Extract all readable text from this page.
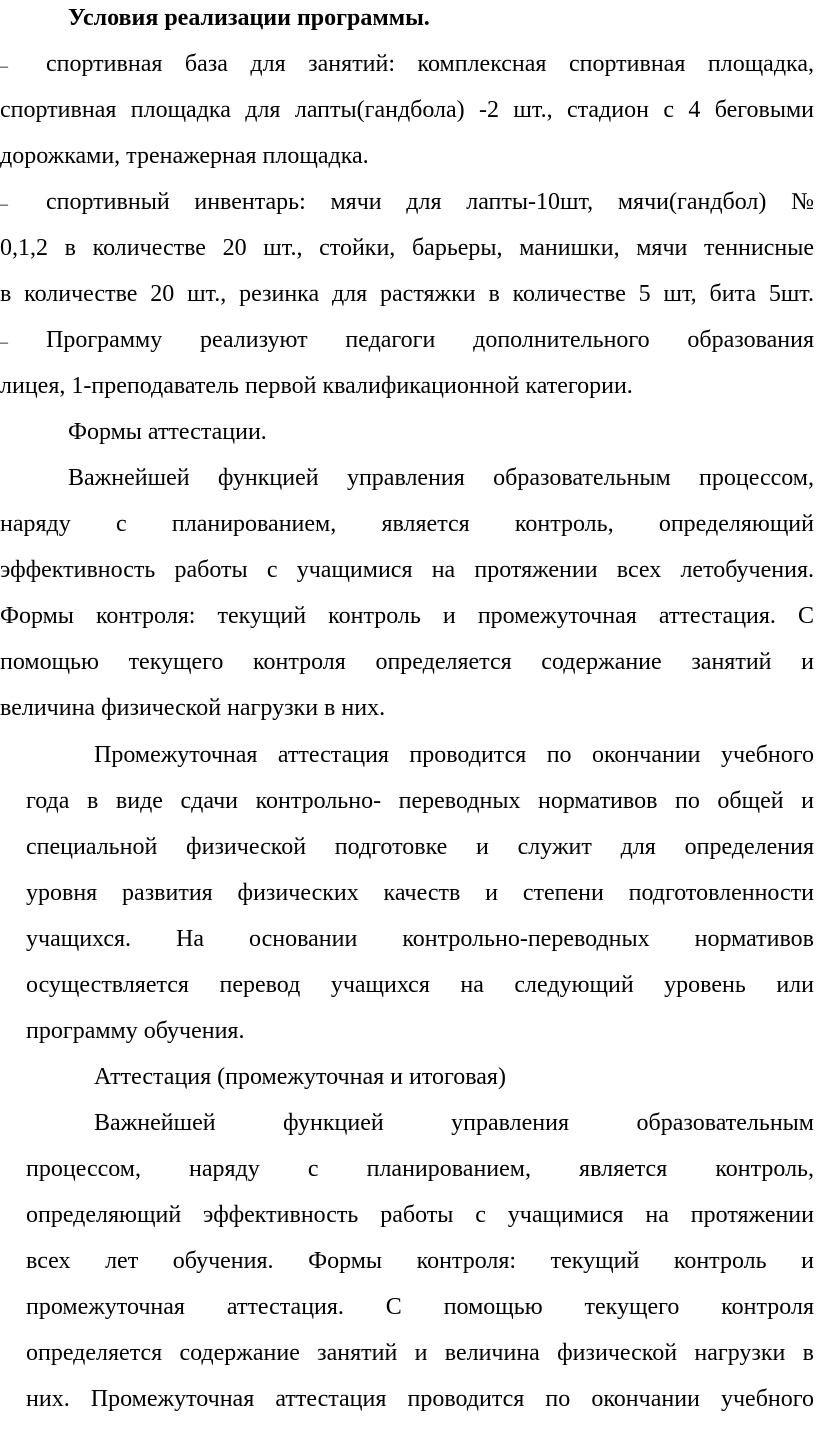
Условия реализации программы.
– спортивная база для занятий: комплексная спортивная площадка,
спортивная площадка для лапты(гандбола) -2 шт., стадион с 4 беговыми
дорожками, тренажерная площадка.
– спортивный инвентарь: мячи для лапты-10шт, мячи(гандбол) №
0,1,2 в количестве 20 шт., стойки, барьеры, манишки, мячи теннисные
в количестве 20 шт., резинка для растяжки в количестве 5 шт, бита 5шт.
– Программу реализуют педагоги дополнительного образования
лицея, 1-преподаватель первой квалификационной категории.
Формы аттестации.
Важнейшей функцией управления образовательным процессом,
наряду с планированием, является контроль, определяющий
эффективность работы с учащимися на протяжении всех летобучения.
Формы контроля: текущий контроль и промежуточная аттестация. С
помощью текущего контроля определяется содержание занятий и
величина физической нагрузки в них.
Промежуточная аттестация проводится по окончании учебного
года в виде сдачи контрольно- переводных нормативов по общей и
специальной физической подготовке и служит для определения
уровня развития физических качеств и степени подготовленности
учащихся. На основании контрольно-переводных нормативов
осуществляется перевод учащихся на следующий уровень или
программу обучения.
Аттестация (промежуточная и итоговая)
Важнейшей функцией управления образовательным
процессом, наряду с планированием, является контроль,
определяющий эффективность работы с учащимися на протяжении
всех лет обучения. Формы контроля: текущий контроль и
промежуточная аттестация. С помощью текущего контроля
определяется содержание занятий и величина физической нагрузки в
них. Промежуточная аттестация проводится по окончании учебного
